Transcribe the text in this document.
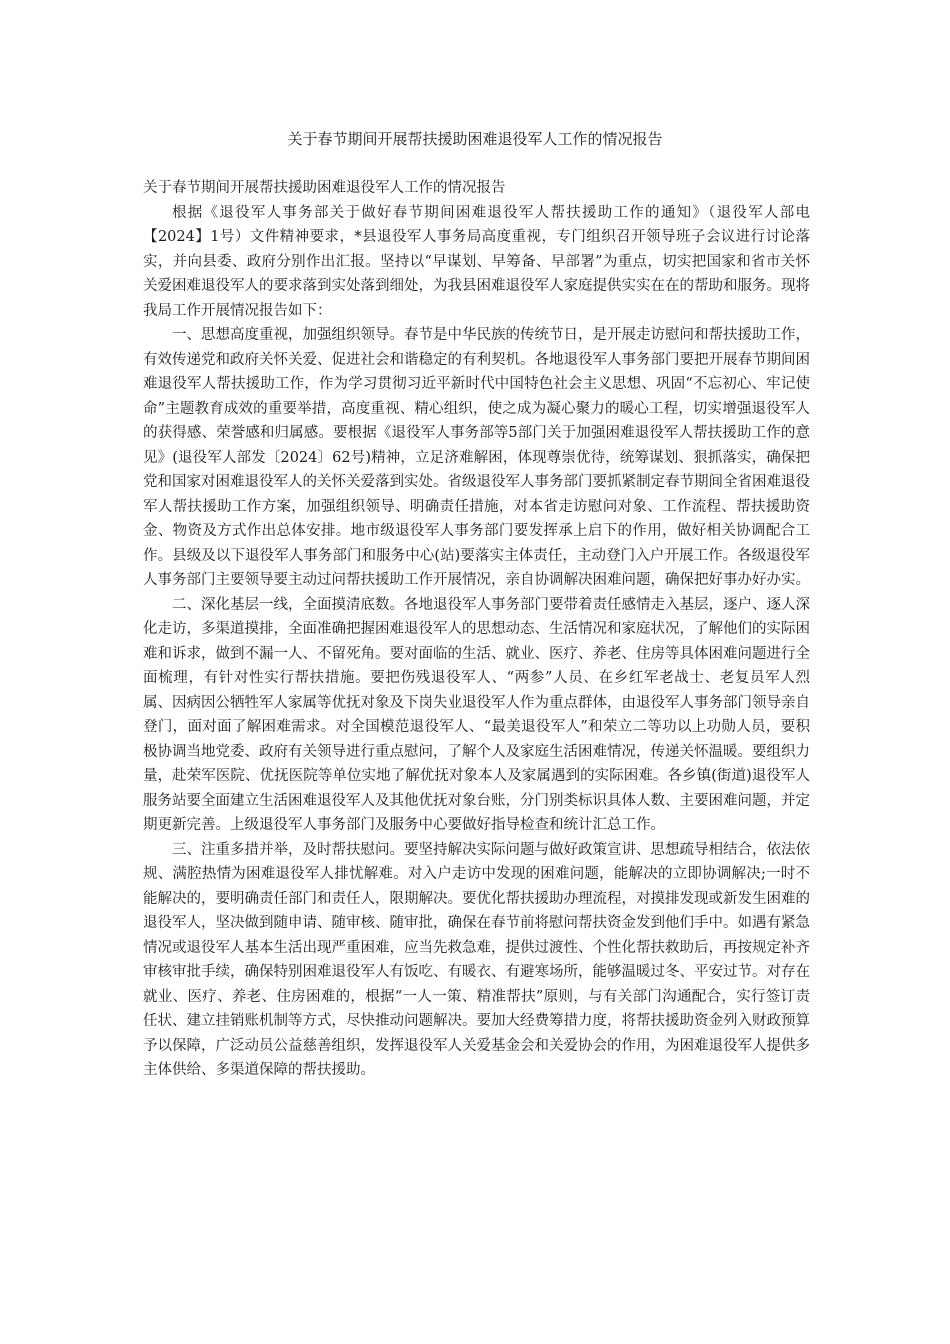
关于春节期间开展帮扶援助困难退役军人工作的情况报告

关于春节期间开展帮扶援助困难退役军人工作的情况报告

根据《退役军人事务部关于做好春节期间困难退役军人帮扶援助工作的通知》（退役军人部电【2024】1号）文件精神要求，*县退役军人事务局高度重视，专门组织召开领导班子会议进行讨论落实，并向县委、政府分别作出汇报。坚持以“早谋划、早筹备、早部署”为重点，切实把国家和省市关怀关爱困难退役军人的要求落到实处落到细处，为我县困难退役军人家庭提供实实在在的帮助和服务。现将我局工作开展情况报告如下：

一、思想高度重视，加强组织领导。春节是中华民族的传统节日，是开展走访慰问和帮扶援助工作，有效传递党和政府关怀关爱、促进社会和谐稳定的有利契机。各地退役军人事务部门要把开展春节期间困难退役军人帮扶援助工作，作为学习贯彻习近平新时代中国特色社会主义思想、巩固“不忘初心、牢记使命”主题教育成效的重要举措，高度重视、精心组织，使之成为凝心聚力的暖心工程，切实增强退役军人的获得感、荣誉感和归属感。要根据《退役军人事务部等5部门关于加强困难退役军人帮扶援助工作的意见》(退役军人部发〔2024〕62号)精神，立足济难解困，体现尊崇优待，统筹谋划、狠抓落实，确保把党和国家对困难退役军人的关怀关爱落到实处。省级退役军人事务部门要抓紧制定春节期间全省困难退役军人帮扶援助工作方案，加强组织领导、明确责任措施，对本省走访慰问对象、工作流程、帮扶援助资金、物资及方式作出总体安排。地市级退役军人事务部门要发挥承上启下的作用，做好相关协调配合工作。县级及以下退役军人事务部门和服务中心(站)要落实主体责任，主动登门入户开展工作。各级退役军人事务部门主要领导要主动过问帮扶援助工作开展情况，亲自协调解决困难问题，确保把好事办好办实。

二、深化基层一线，全面摸清底数。各地退役军人事务部门要带着责任感情走入基层，逐户、逐人深化走访，多渠道摸排，全面准确把握困难退役军人的思想动态、生活情况和家庭状况，了解他们的实际困难和诉求，做到不漏一人、不留死角。要对面临的生活、就业、医疗、养老、住房等具体困难问题进行全面梳理，有针对性实行帮扶措施。要把伤残退役军人、“两参”人员、在乡红军老战士、老复员军人烈属、因病因公牺牲军人家属等优抚对象及下岗失业退役军人作为重点群体，由退役军人事务部门领导亲自登门，面对面了解困难需求。对全国模范退役军人、“最美退役军人”和荣立二等功以上功勋人员，要积极协调当地党委、政府有关领导进行重点慰问，了解个人及家庭生活困难情况，传递关怀温暖。要组织力量，赴荣军医院、优抚医院等单位实地了解优抚对象本人及家属遇到的实际困难。各乡镇(街道)退役军人服务站要全面建立生活困难退役军人及其他优抚对象台账，分门别类标识具体人数、主要困难问题，并定期更新完善。上级退役军人事务部门及服务中心要做好指导检查和统计汇总工作。

三、注重多措并举，及时帮扶慰问。要坚持解决实际问题与做好政策宣讲、思想疏导相结合，依法依规、满腔热情为困难退役军人排忧解难。对入户走访中发现的困难问题，能解决的立即协调解决;一时不能解决的，要明确责任部门和责任人，限期解决。要优化帮扶援助办理流程，对摸排发现或新发生困难的退役军人，坚决做到随申请、随审核、随审批，确保在春节前将慰问帮扶资金发到他们手中。如遇有紧急情况或退役军人基本生活出现严重困难，应当先救急难，提供过渡性、个性化帮扶救助后，再按规定补齐审核审批手续，确保特别困难退役军人有饭吃、有暖衣、有避寒场所，能够温暖过冬、平安过节。对存在就业、医疗、养老、住房困难的，根据“一人一策、精准帮扶”原则，与有关部门沟通配合，实行签订责任状、建立挂销账机制等方式，尽快推动问题解决。要加大经费筹措力度，将帮扶援助资金列入财政预算予以保障，广泛动员公益慈善组织，发挥退役军人关爱基金会和关爱协会的作用，为困难退役军人提供多主体供给、多渠道保障的帮扶援助。
